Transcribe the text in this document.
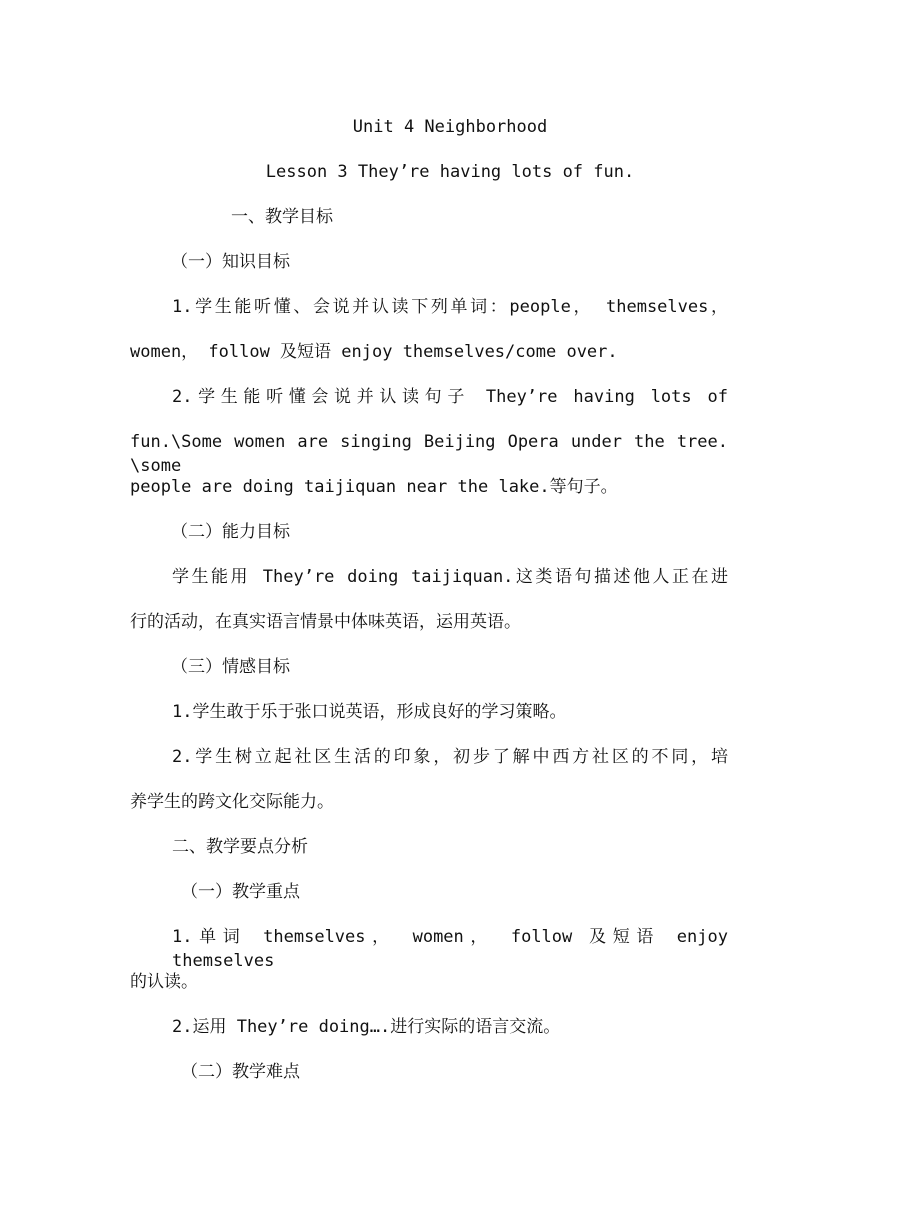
Unit 4 Neighborhood
Lesson 3 They’re having lots of fun.
一、教学目标
（一）知识目标
1.学生能听懂、会说并认读下列单词：people， themselves，
women， follow 及短语 enjoy themselves/come over.
2.学生能听懂会说并认读句子 They’re having lots of
fun.\Some women are singing Beijing Opera under the tree. \some
people are doing taijiquan near the lake.等句子。
（二）能力目标
学生能用 They’re doing taijiquan.这类语句描述他人正在进
行的活动，在真实语言情景中体味英语，运用英语。
（三）情感目标
1.学生敢于乐于张口说英语，形成良好的学习策略。
2.学生树立起社区生活的印象，初步了解中西方社区的不同，培
养学生的跨文化交际能力。
二、教学要点分析
（一）教学重点
1.单词 themselves， women， follow 及短语 enjoy themselves
的认读。
2.运用 They’re doing….进行实际的语言交流。
（二）教学难点
